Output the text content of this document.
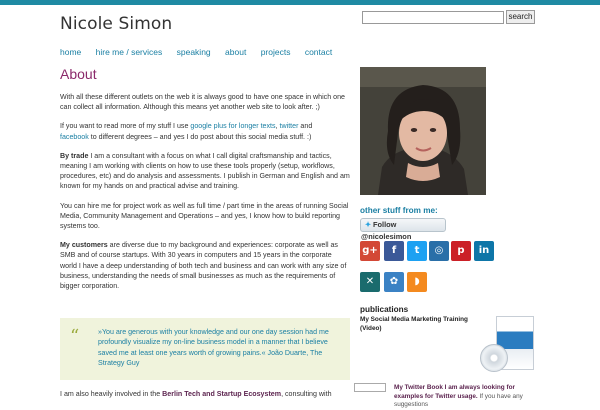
Nicole Simon	search
home hire me / services speaking about projects contact
About

With all these different outlets on the web it is always good to have one space in which one can collect all information. Although this means yet another web site to look after. ;)

If you want to read more of my stuff I use google plus for longer texts, twitter and
facebook to different degrees – and yes I do post about this social media stuff. :)

By trade I am a consultant with a focus on what I call digital craftsmanship and tactics, meaning I am working with clients on how to use these tools properly (setup, workflows, procedures, etc) and do analysis and assessments. I publish in German and English and am known for my hands on and practical advise and training.

You can hire me for project work as well as full time / part time in the areas of running Social Media, Community Management and Operations – and yes, I know how to build reporting systems too.

My customers are diverse due to my background and experiences: corporate as well as SMB and of course startups. With 30 years in computers and 15 years in the corporate world I have a deep understanding of both tech and business and can work with any size of business, understanding the needs of small businesses as much as the requirements of bigger corporation.

“	»You are generous with your knowledge and our one day session had me profoundly visualize my on-line business model in a manner that I believe saved me at least one years worth of growing pains.« João Duarte, The Strategy Guy
I am also heavily involved in the Berlin Tech and Startup Ecosystem, consulting with
other stuff from me:
✦ Follow @nicolesimon
g+	f	t	◎	p	in
✕	✿	◗
publications
My Social Media Marketing Training (Video)
My Twitter Book I am always looking for examples for Twitter usage. If you have any suggestions
